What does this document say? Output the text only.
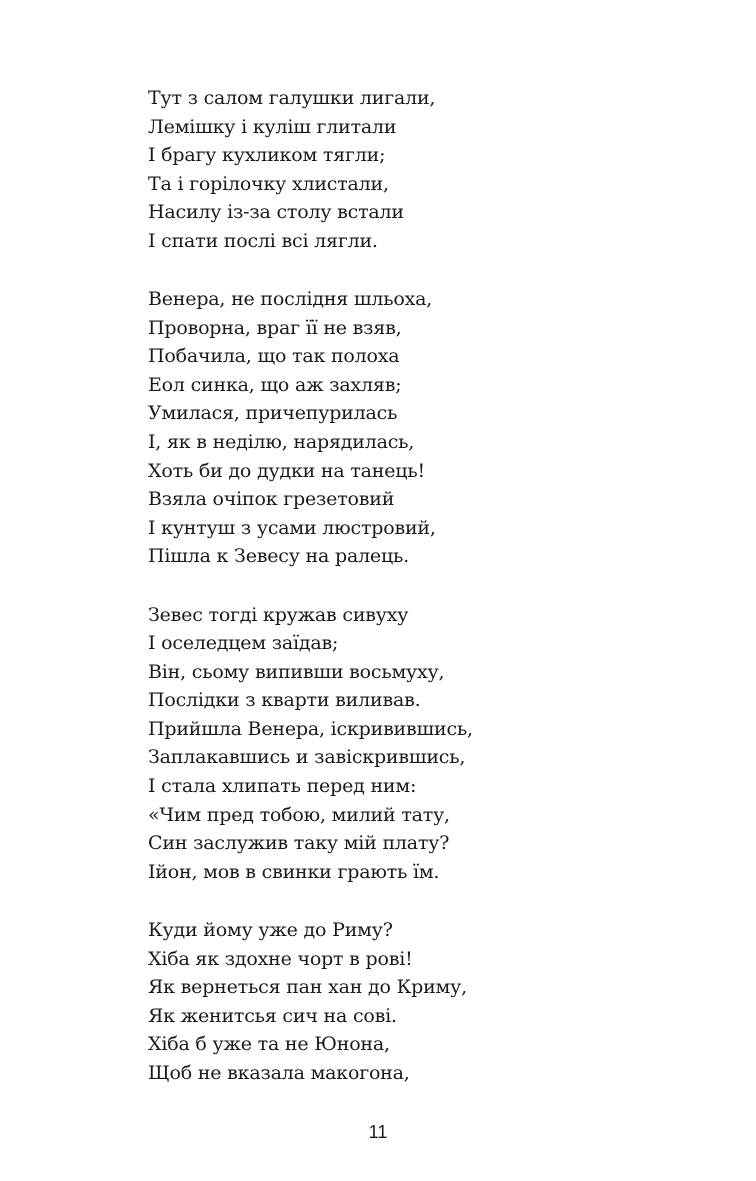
Тут з салом галушки лигали,
Лемішку і куліш глитали
І брагу кухликом тягли;
Та і горілочку хлистали,
Насилу із-за столу встали
І спати послі всі лягли.
Венера, не послідня шльоха,
Проворна, враг її не взяв,
Побачила, що так полоха
Еол синка, що аж захляв;
Умилася, причепурилась
І, як в неділю, нарядилась,
Хоть би до дудки на танець!
Взяла очіпок грезетовий
І кунтуш з усами люстровий,
Пішла к Зевесу на ралець.
Зевес тогді кружав сивуху
І оселедцем заїдав;
Він, сьому випивши восьмуху,
Послідки з кварти виливав.
Прийшла Венера, іскривившись,
Заплакавшись и завіскрившись,
І стала хлипать перед ним:
«Чим пред тобою, милий тату,
Син заслужив таку мій плату?
Ійон, мов в свинки грають їм.
Куди йому уже до Риму?
Хіба як здохне чорт в рові!
Як вернеться пан хан до Криму,
Як женитсья сич на сові.
Хіба б уже та не Юнона,
Щоб не вказала макогона,
11
